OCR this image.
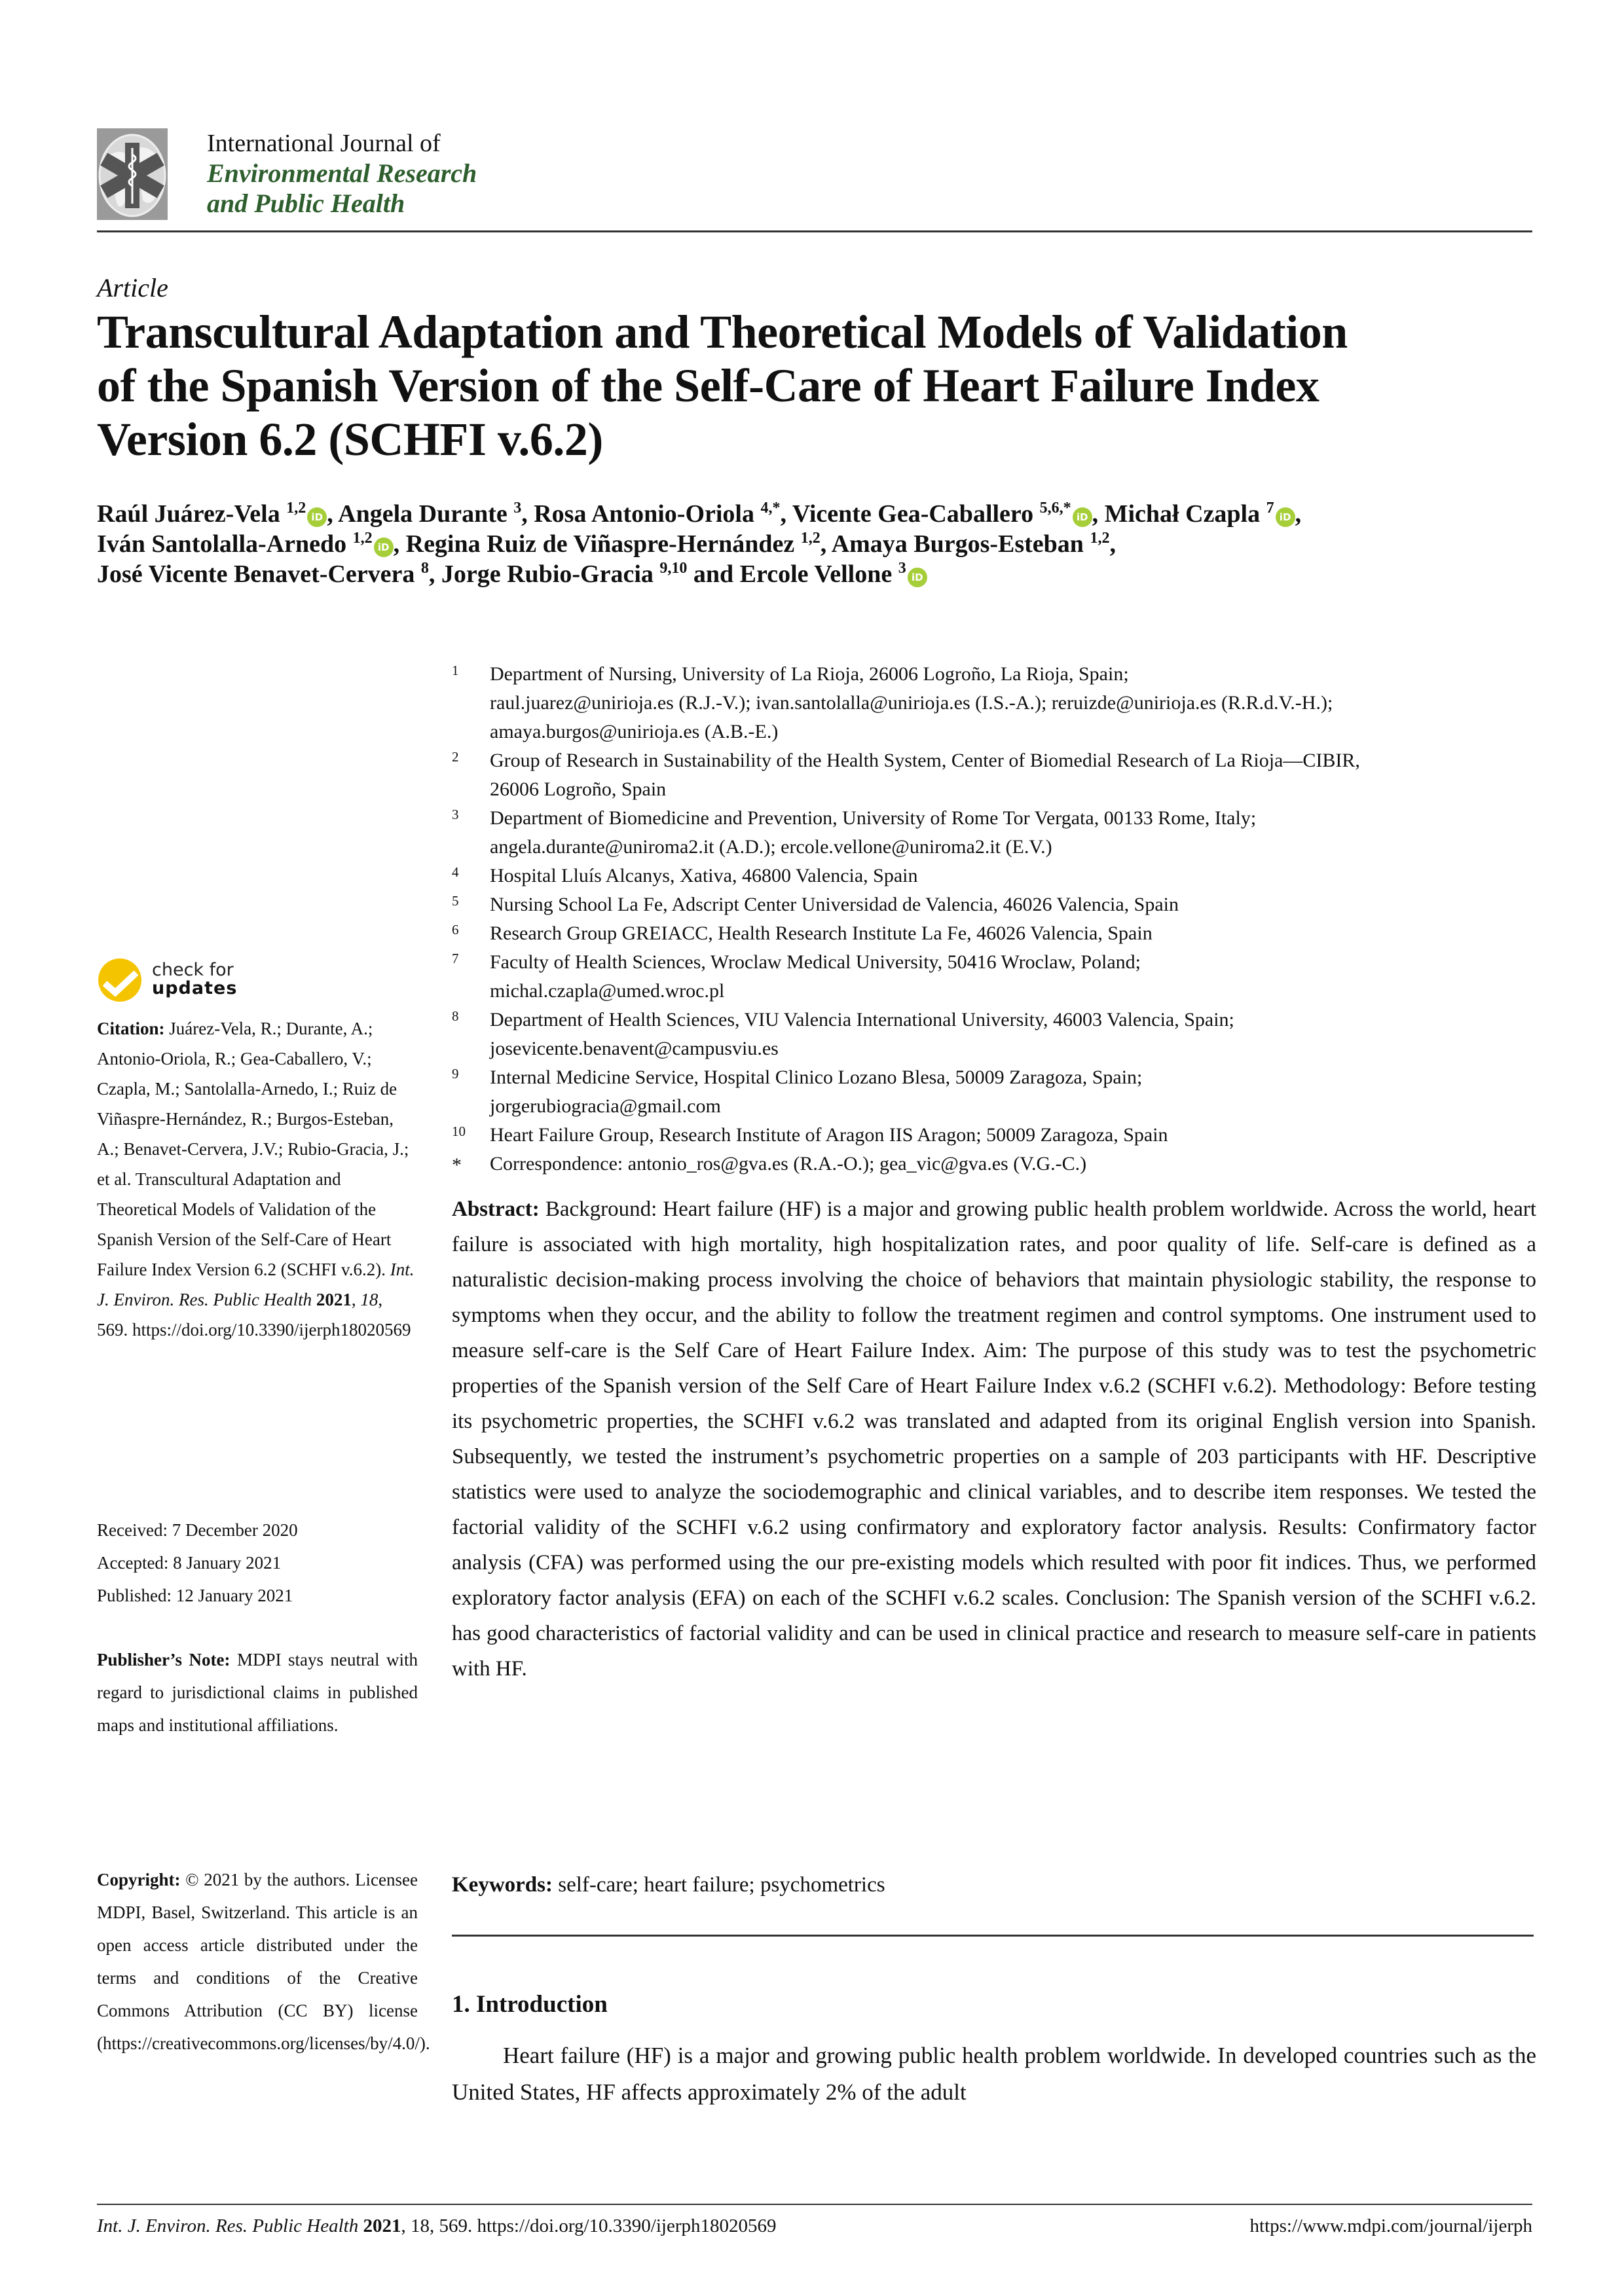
International Journal of
Environmental Research
and Public Health
Article
Transcultural Adaptation and Theoretical Models of Validation
of the Spanish Version of the Self-Care of Heart Failure Index
Version 6.2 (SCHFI v.6.2)
Raúl Juárez-Vela $^{1,2}$iD , Angela Durante $^3$, Rosa Antonio-Oriola $^{4,*}$, Vicente Gea-Caballero $^{5,6,*}$iD , Michał Czapla $^7$iD ,
Iván Santolalla-Arnedo $^{1,2}$iD , Regina Ruiz de Viñaspre-Hernández $^{1,2}$, Amaya Burgos-Esteban $^{1,2}$,
José Vicente Benavet-Cervera $^8$, Jorge Rubio-Gracia $^{9,10}$ and Ercole Vellone $^3$iD
1 Department of Nursing, University of La Rioja, 26006 Logroño, La Rioja, Spain;
raul.juarez@unirioja.es (R.J.-V.); ivan.santolalla@unirioja.es (I.S.-A.); reruizde@unirioja.es (R.R.d.V.-H.);
amaya.burgos@unirioja.es (A.B.-E.)
2 Group of Research in Sustainability of the Health System, Center of Biomedial Research of La Rioja—CIBIR,
26006 Logroño, Spain
3 Department of Biomedicine and Prevention, University of Rome Tor Vergata, 00133 Rome, Italy;
angela.durante@uniroma2.it (A.D.); ercole.vellone@uniroma2.it (E.V.)
4 Hospital Lluís Alcanys, Xativa, 46800 Valencia, Spain
5 Nursing School La Fe, Adscript Center Universidad de Valencia, 46026 Valencia, Spain
6 Research Group GREIACC, Health Research Institute La Fe, 46026 Valencia, Spain
7 Faculty of Health Sciences, Wroclaw Medical University, 50416 Wroclaw, Poland;
michal.czapla@umed.wroc.pl
8 Department of Health Sciences, VIU Valencia International University, 46003 Valencia, Spain;
josevicente.benavent@campusviu.es
9 Internal Medicine Service, Hospital Clinico Lozano Blesa, 50009 Zaragoza, Spain;
jorgerubiogracia@gmail.com
10 Heart Failure Group, Research Institute of Aragon IIS Aragon; 50009 Zaragoza, Spain
* Correspondence: antonio_ros@gva.es (R.A.-O.); gea_vic@gva.es (V.G.-C.)
check for
updates
Citation: Juárez-Vela, R.; Durante, A.; Antonio-Oriola, R.; Gea-Caballero, V.; Czapla, M.; Santolalla-Arnedo, I.; Ruiz de Viñaspre-Hernández, R.; Burgos-Esteban, A.; Benavet-Cervera, J.V.; Rubio-Gracia, J.; et al. Transcultural Adaptation and Theoretical Models of Validation of the Spanish Version of the Self-Care of Heart Failure Index Version 6.2 (SCHFI v.6.2). Int. J. Environ. Res. Public Health 2021, 18, 569. https://doi.org/10.3390/ijerph18020569
Received: 7 December 2020
Accepted: 8 January 2021
Published: 12 January 2021
Publisher’s Note: MDPI stays neutral with regard to jurisdictional claims in published maps and institutional affiliations.
Copyright: © 2021 by the authors. Licensee MDPI, Basel, Switzerland. This article is an open access article distributed under the terms and conditions of the Creative Commons Attribution (CC BY) license (https://creativecommons.org/licenses/by/4.0/).
Abstract: Background: Heart failure (HF) is a major and growing public health problem worldwide. Across the world, heart failure is associated with high mortality, high hospitalization rates, and poor quality of life. Self-care is defined as a naturalistic decision-making process involving the choice of behaviors that maintain physiologic stability, the response to symptoms when they occur, and the ability to follow the treatment regimen and control symptoms. One instrument used to measure self-care is the Self Care of Heart Failure Index. Aim: The purpose of this study was to test the psychometric properties of the Spanish version of the Self Care of Heart Failure Index v.6.2 (SCHFI v.6.2). Methodology: Before testing its psychometric properties, the SCHFI v.6.2 was translated and adapted from its original English version into Spanish. Subsequently, we tested the instrument’s psychometric properties on a sample of 203 participants with HF. Descriptive statistics were used to analyze the sociodemographic and clinical variables, and to describe item responses. We tested the factorial validity of the SCHFI v.6.2 using confirmatory and exploratory factor analysis. Results: Confirmatory factor analysis (CFA) was performed using the our pre-existing models which resulted with poor fit indices. Thus, we performed exploratory factor analysis (EFA) on each of the SCHFI v.6.2 scales. Conclusion: The Spanish version of the SCHFI v.6.2. has good characteristics of factorial validity and can be used in clinical practice and research to measure self-care in patients with HF.
Keywords: self-care; heart failure; psychometrics
1. Introduction
Heart failure (HF) is a major and growing public health problem worldwide. In developed countries such as the United States, HF affects approximately 2% of the adult
Int. J. Environ. Res. Public Health 2021, 18, 569. https://doi.org/10.3390/ijerph18020569	https://www.mdpi.com/journal/ijerph
